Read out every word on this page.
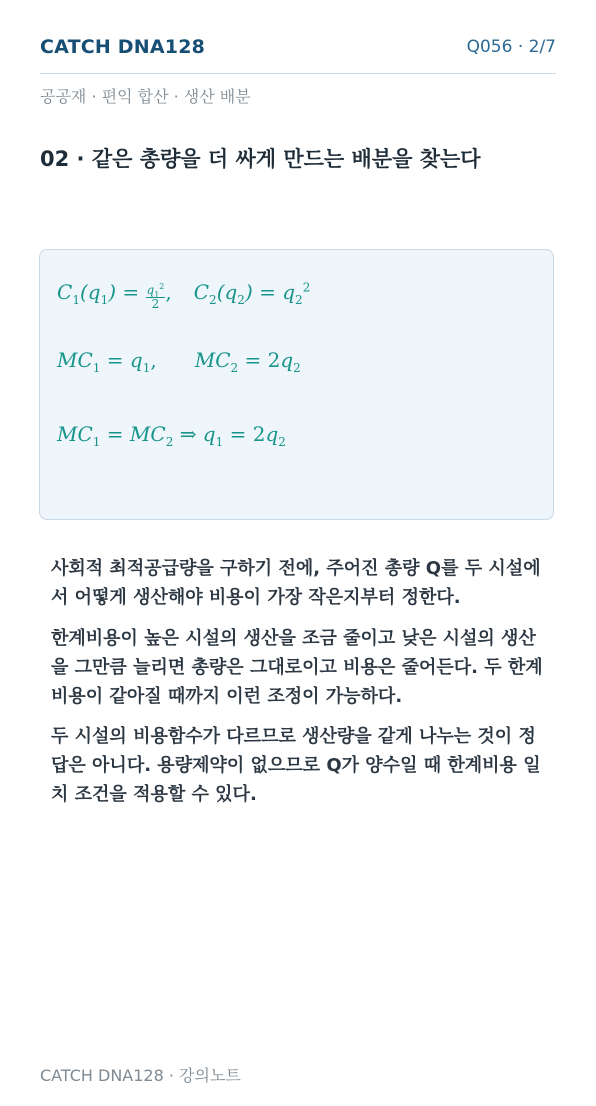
CATCH DNA128	Q056 · 2/7
공공재 · 편익 합산 · 생산 배분
02 · 같은 총량을 더 싸게 만드는 배분을 찾는다
$C_1(q_1) = \frac{q_1^2}{2}$ , $C_2(q_2) = q_2^2$
$MC_1 = q_1$, $MC_2 = 2q_2$
$MC_1 = MC_2$ ⇒ $q_1 = 2q_2$

사회적 최적공급량을 구하기 전에, 주어진 총량 Q를 두 시설에서 어떻게 생산해야 비용이 가장 작은지부터 정한다.

한계비용이 높은 시설의 생산을 조금 줄이고 낮은 시설의 생산을 그만큼 늘리면 총량은 그대로이고 비용은 줄어든다. 두 한계비용이 같아질 때까지 이런 조정이 가능하다.

두 시설의 비용함수가 다르므로 생산량을 같게 나누는 것이 정답은 아니다. 용량제약이 없으므로 Q가 양수일 때 한계비용 일치 조건을 적용할 수 있다.

CATCH DNA128 · 강의노트
